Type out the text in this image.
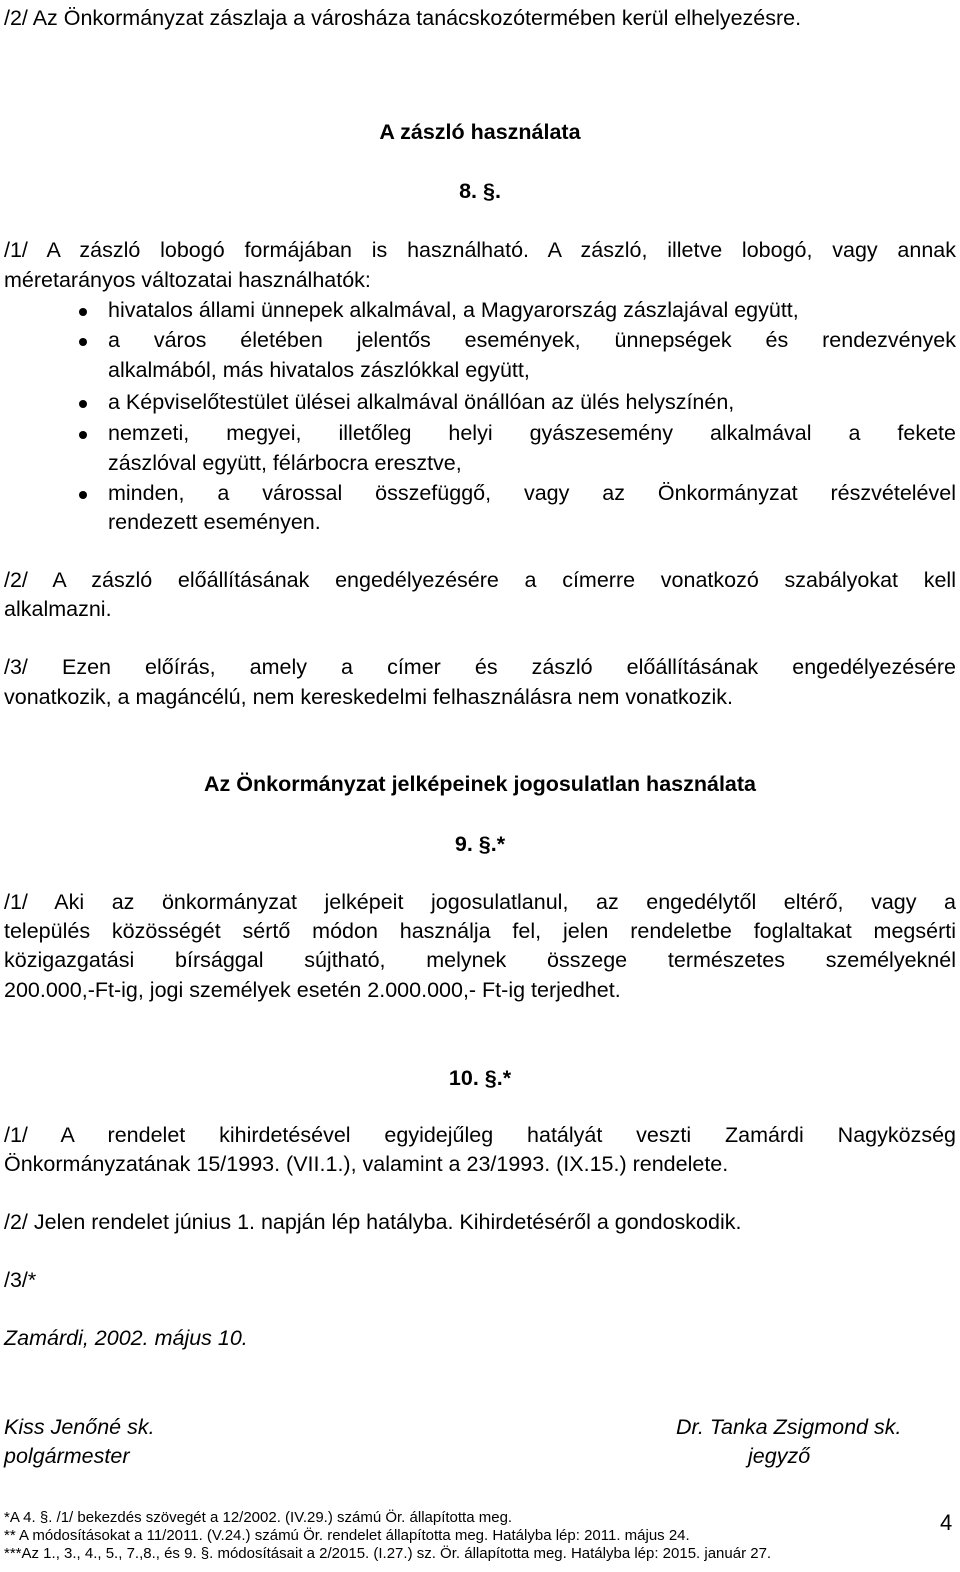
/2/ Az Önkormányzat zászlaja a városháza tanácskozótermében kerül elhelyezésre.
A zászló használata
8. §.
/1/ A zászló lobogó formájában is használható. A zászló, illetve lobogó, vagy annak
méretarányos változatai használhatók:
hivatalos állami ünnepek alkalmával, a Magyarország zászlajával együtt,
a város életében jelentős események, ünnepségek és rendezvények
alkalmából, más hivatalos zászlókkal együtt,
a Képviselőtestület ülései alkalmával önállóan az ülés helyszínén,
nemzeti, megyei, illetőleg helyi gyászesemény alkalmával a fekete
zászlóval együtt, félárbocra eresztve,
minden, a várossal összefüggő, vagy az Önkormányzat részvételével
rendezett eseményen.
/2/ A zászló előállításának engedélyezésére a címerre vonatkozó szabályokat kell
alkalmazni.
/3/ Ezen előírás, amely a címer és zászló előállításának engedélyezésére
vonatkozik, a magáncélú, nem kereskedelmi felhasználásra nem vonatkozik.
Az Önkormányzat jelképeinek jogosulatlan használata
9. §.*
/1/ Aki az önkormányzat jelképeit jogosulatlanul, az engedélytől eltérő, vagy a
település közösségét sértő módon használja fel, jelen rendeletbe foglaltakat megsérti
közigazgatási bírsággal sújtható, melynek összege természetes személyeknél
200.000,-Ft-ig, jogi személyek esetén 2.000.000,- Ft-ig terjedhet.
10. §.*
/1/ A rendelet kihirdetésével egyidejűleg hatályát veszti Zamárdi Nagyközség
Önkormányzatának 15/1993. (VII.1.), valamint a 23/1993. (IX.15.) rendelete.
/2/ Jelen rendelet június 1. napján lép hatályba. Kihirdetéséről a gondoskodik.
/3/*
Zamárdi, 2002. május 10.
Kiss Jenőné sk.
polgármester
Dr. Tanka Zsigmond sk.
jegyző
*A 4. §. /1/ bekezdés szövegét a 12/2002. (IV.29.) számú Ör. állapította meg.
** A módosításokat a 11/2011. (V.24.) számú Ör. rendelet állapította meg. Hatályba lép: 2011. május 24.
***Az 1., 3., 4., 5., 7.,8., és 9. §. módosításait a 2/2015. (I.27.) sz. Ör. állapította meg. Hatályba lép: 2015. január 27.
4
